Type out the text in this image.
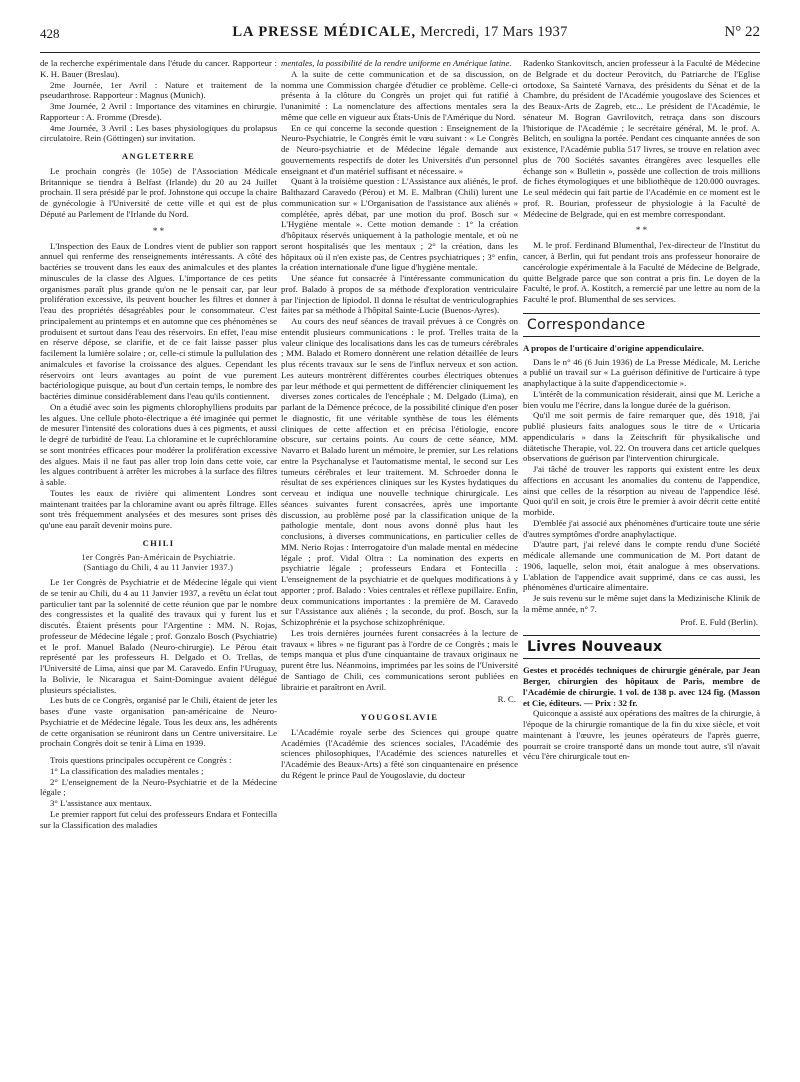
428	LA PRESSE MÉDICALE, Mercredi, 17 Mars 1937	N° 22

de la recherche expérimentale dans l'étude du cancer. Rapporteur : K. H. Bauer (Breslau).

2me Journée, 1er Avril : Nature et traitement de la pseudarthrose. Rapporteur : Magnus (Munich).

3me Journée, 2 Avril : Importance des vitamines en chirurgie. Rapporteur : A. Fromme (Dresde).

4me Journée, 3 Avril : Les bases physiologiques du prolapsus circulatoire. Rein (Göttingen) sur invitation.

ANGLETERRE

Le prochain congrès (le 105e) de l'Association Médicale Britannique se tiendra à Belfast (Irlande) du 20 au 24 Juillet prochain. Il sera présidé par le prof. Johnstone qui occupe la chaire de gynécologie à l'Université de cette ville et qui est de plus Député au Parlement de l'Irlande du Nord.

* *

L'Inspection des Eaux de Londres vient de publier son rapport annuel qui renferme des renseignements intéressants. A côté des bactéries se trouvent dans les eaux des animalcules et des plantes minuscules de la classe des Algues. L'importance de ces petits organismes paraît plus grande qu'on ne le pensait car, par leur prolifération excessive, ils peuvent boucher les filtres et donner à l'eau des propriétés désagréables pour le consommateur. C'est principalement au printemps et en automne que ces phénomènes se produisent et surtout dans l'eau des réservoirs. En effet, l'eau mise en réserve dépose, se clarifie, et de ce fait laisse passer plus facilement la lumière solaire ; or, celle-ci stimule la pullulation des animalcules et favorise la croissance des algues. Cependant les réservoirs ont leurs avantages au point de vue purement bactériologique puisque, au bout d'un certain temps, le nombre des bactéries diminue considérablement dans l'eau qu'ils contiennent.

On a étudié avec soin les pigments chlorophylliens produits par les algues. Une cellule photo-électrique a été imaginée qui permet de mesurer l'intensité des colorations dues à ces pigments, et aussi le degré de turbidité de l'eau. La chloramine et le cupréchloramine se sont montrées efficaces pour modérer la prolifération excessive des algues. Mais il ne faut pas aller trop loin dans cette voie, car les algues contribuent à arrêter les microbes à la surface des filtres à sable.

Toutes les eaux de rivière qui alimentent Londres sont maintenant traitées par la chloramine avant ou après filtrage. Elles sont très fréquemment analysées et des mesures sont prises dès qu'une eau paraît devenir moins pure.

CHILI

1er Congrès Pan-Américain de Psychiatrie.

(Santiago du Chili, 4 au 11 Janvier 1937.)

Le 1er Congrès de Psychiatrie et de Médecine légale qui vient de se tenir au Chili, du 4 au 11 Janvier 1937, a revêtu un éclat tout particulier tant par la solennité de cette réunion que par le nombre des congressistes et la qualité des travaux qui y furent lus et discutés. Étaient présents pour l'Argentine : MM. N. Rojas, professeur de Médecine légale ; prof. Gonzalo Bosch (Psychiatrie) et le prof. Manuel Balado (Neuro-chirurgie). Le Pérou était représenté par les professeurs H. Delgado et O. Trellas, de l'Université de Lima, ainsi que par M. Caravedo. Enfin l'Uruguay, la Bolivie, le Nicaragua et Saint-Domingue avaient délégué plusieurs spécialistes.

Les buts de ce Congrès, organisé par le Chili, étaient de jeter les bases d'une vaste organisation pan-américaine de Neuro-Psychiatrie et de Médecine légale. Tous les deux ans, les adhérents de cette organisation se réuniront dans un Centre universitaire. Le prochain Congrès doit se tenir à Lima en 1939.

Trois questions principales occupèrent ce Congrès :

1° La classification des maladies mentales ;

2° L'enseignement de la Neuro-Psychiatrie et de la Médecine légale ;

3° L'assistance aux mentaux.

Le premier rapport fut celui des professeurs Endara et Fontecilla sur la Classification des maladies

mentales, la possibilité de la rendre uniforme en Amérique latine.

A la suite de cette communication et de sa discussion, on nomma une Commission chargée d'étudier ce problème. Celle-ci présenta à la clôture du Congrès un projet qui fut ratifié à l'unanimité : La nomenclature des affections mentales sera la même que celle en vigueur aux États-Unis de l'Amérique du Nord.

En ce qui concerne la seconde question : Enseignement de la Neuro-Psychiatrie, le Congrès émit le vœu suivant : « Le Congrès de Neuro-psychiatrie et de Médecine légale demande aux gouvernements respectifs de doter les Universités d'un personnel enseignant et d'un matériel suffisant et nécessaire. »

Quant à la troisième question : L'Assistance aux aliénés, le prof. Balthazard Caravedo (Pérou) et M. E. Malbran (Chili) lurent une communication sur « L'Organisation de l'assistance aux aliénés » complétée, après débat, par une motion du prof. Bosch sur « L'Hygiène mentale ». Cette motion demande : 1° la création d'hôpitaux réservés uniquement à la pathologie mentale, et où ne seront hospitalisés que les mentaux ; 2° la création, dans les hôpitaux où il n'en existe pas, de Centres psychiatriques ; 3° enfin, la création internationale d'une ligue d'hygiène mentale.

Une séance fut consacrée à l'intéressante communication du prof. Balado à propos de sa méthode d'exploration ventriculaire par l'injection de lipiodol. Il donna le résultat de ventriculographies faites par sa méthode à l'hôpital Sainte-Lucie (Buenos-Ayres).

Au cours des neuf séances de travail prévues à ce Congrès on entendit plusieurs communications : le prof. Trelles traita de la valeur clinique des localisations dans les cas de tumeurs cérébrales ; MM. Balado et Romero donnèrent une relation détaillée de leurs plus récents travaux sur le sens de l'influx nerveux et son action. Les auteurs montrèrent différentes courbes électriques obtenues par leur méthode et qui permettent de différencier cliniquement les diverses zones corticales de l'encéphale ; M. Delgado (Lima), en parlant de la Démence précoce, de la possibilité clinique d'en poser le diagnostic, fit une véritable synthèse de tous les éléments cliniques de cette affection et en précisa l'étiologie, encore obscure, sur certains points. Au cours de cette séance, MM. Navarro et Balado lurent un mémoire, le premier, sur Les relations entre la Psychanalyse et l'automatisme mental, le second sur Les tumeurs cérébrales et leur traitement. M. Schroeder donna le résultat de ses expériences cliniques sur les Kystes hydatiques du cerveau et indiqua une nouvelle technique chirurgicale. Les séances suivantes furent consacrées, après une importante discussion, au problème posé par la classification unique de la pathologie mentale, dont nous avons donné plus haut les conclusions, à diverses communications, en particulier celles de MM. Nerio Rojas : Interrogatoire d'un malade mental en médecine légale ; prof. Vidal Oltra : La nomination des experts en psychiatrie légale ; professeurs Endara et Fontecilla : L'enseignement de la psychiatrie et de quelques modifications à y apporter ; prof. Balado : Voies centrales et réflexe pupillaire. Enfin, deux communications importantes : la première de M. Caravedo sur l'Assistance aux aliénés ; la seconde, du prof. Bosch, sur la Schizophrénie et la psychose schizophrénique.

Les trois dernières journées furent consacrées à la lecture de travaux « libres » ne figurant pas à l'ordre de ce Congrès ; mais le temps manqua et plus d'une cinquantaine de travaux originaux ne purent être lus. Néanmoins, imprimées par les soins de l'Université de Santiago de Chili, ces communications seront publiées en librairie et paraîtront en Avril.

R. C.

YOUGOSLAVIE

L'Académie royale serbe des Sciences qui groupe quatre Académies (l'Académie des sciences sociales, l'Académie des sciences philosophiques, l'Académie des sciences naturelles et l'Académie des Beaux-Arts) a fêté son cinquantenaire en présence du Régent le prince Paul de Yougoslavie, du docteur

Radenko Stankovitsch, ancien professeur à la Faculté de Médecine de Belgrade et du docteur Perovitch, du Patriarche de l'Eglise ortodoxe, Sa Sainteté Varnava, des présidents du Sénat et de la Chambre, du président de l'Académie yougoslave des Sciences et des Beaux-Arts de Zagreb, etc... Le président de l'Académie, le sénateur M. Bogran Gavrilovitch, retraça dans son discours l'historique de l'Académie ; le secrétaire général, M. le prof. A. Belitch, en souligna la portée. Pendant ces cinquante années de son existence, l'Académie publia 517 livres, se trouve en relation avec plus de 700 Sociétés savantes étrangères avec lesquelles elle échange son « Bulletin », possède une collection de trois millions de fiches étymologiques et une bibliothèque de 120.000 ouvrages. Le seul médecin qui fait partie de l'Académie en ce moment est le prof. R. Bourian, professeur de physiologie à la Faculté de Médecine de Belgrade, qui en est membre correspondant.

* *

M. le prof. Ferdinand Blumenthal, l'ex-directeur de l'Institut du cancer, à Berlin, qui fut pendant trois ans professeur honoraire de cancérologie expérimentale à la Faculté de Médecine de Belgrade, quitte Belgrade parce que son contrat a pris fin. Le doyen de la Faculté, le prof. A. Kostitch, a remercié par une lettre au nom de la Faculté le prof. Blumenthal de ses services.

Correspondance

A propos de l'urticaire d'origine appendiculaire.

Dans le n° 46 (6 Juin 1936) de La Presse Médicale, M. Leriche a publié un travail sur « La guérison définitive de l'urticaire à type anaphylactique à la suite d'appendicectomie ».

L'intérêt de la communication résiderait, ainsi que M. Leriche a bien voulu me l'écrire, dans la longue durée de la guérison.

Qu'il me soit permis de faire remarquer que, dès 1918, j'ai publié plusieurs faits analogues sous le titre de « Urticaria appendicularis » dans la Zeitschrift für physikalische und diätetische Therapie, vol. 22. On trouvera dans cet article quelques observations de guérison par l'intervention chirurgicale.

J'ai tâché de trouver les rapports qui existent entre les deux affections en accusant les anomalies du contenu de l'appendice, ainsi que celles de la résorption au niveau de l'appendice lésé. Quoi qu'il en soit, je crois être le premier à avoir décrit cette entité morbide.

D'emblée j'ai associé aux phénomènes d'urticaire toute une série d'autres symptômes d'ordre anaphylactique.

D'autre part, j'ai relevé dans le compte rendu d'une Société médicale allemande une communication de M. Port datant de 1906, laquelle, selon moi, était analogue à mes observations. L'ablation de l'appendice avait supprimé, dans ce cas aussi, les phénomènes d'urticaire alimentaire.

Je suis revenu sur le même sujet dans la Medizinische Klinik de la même année, n° 7.

Prof. E. Fuld (Berlin).

Livres Nouveaux

Gestes et procédés techniques de chirurgie générale, par Jean Berger, chirurgien des hôpitaux de Paris, membre de l'Académie de chirurgie. 1 vol. de 138 p. avec 124 fig. (Masson et Cie, éditeurs. — Prix : 32 fr.

Quiconque a assisté aux opérations des maîtres de la chirurgie, à l'époque de la chirurgie romantique de la fin du xixe siècle, et voit maintenant à l'œuvre, les jeunes opérateurs de l'après guerre, pourrait se croire transporté dans un monde tout autre, s'il n'avait vécu l'ère chirurgicale tout en-
